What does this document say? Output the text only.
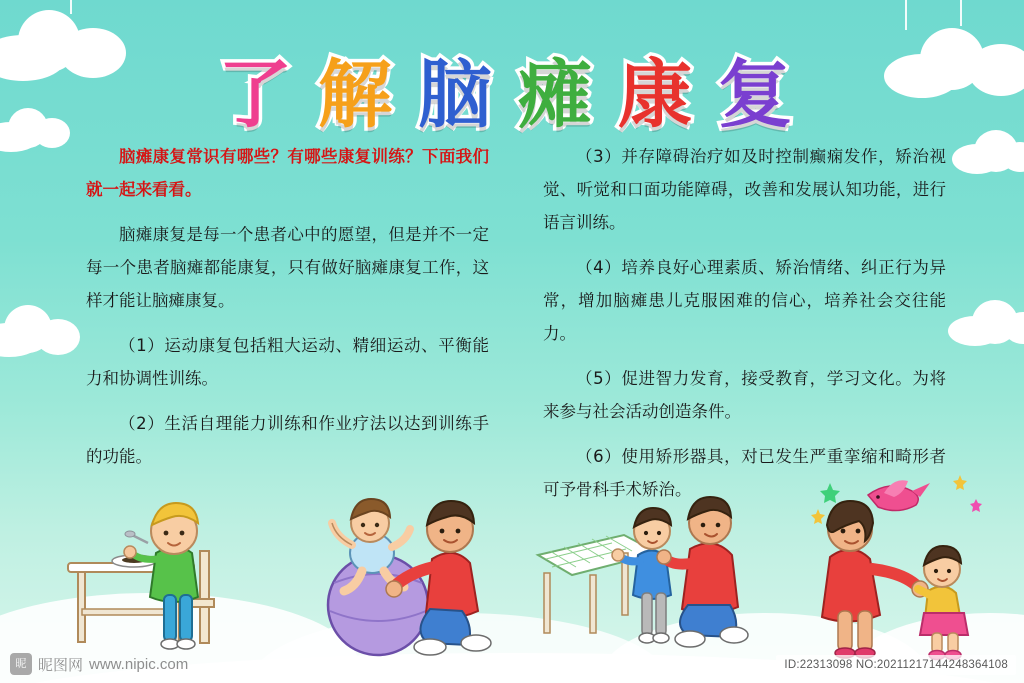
了 解 脑 瘫 康 复

脑瘫康复常识有哪些？有哪些康复训练？下面我们就一起来看看。

脑瘫康复是每一个患者心中的愿望，但是并不一定每一个患者脑瘫都能康复，只有做好脑瘫康复工作，这样才能让脑瘫康复。

（1）运动康复包括粗大运动、精细运动、平衡能力和协调性训练。

（2）生活自理能力训练和作业疗法以达到训练手的功能。

（3）并存障碍治疗如及时控制癫痫发作，矫治视觉、听觉和口面功能障碍，改善和发展认知功能，进行语言训练。

（4）培养良好心理素质、矫治情绪、纠正行为异常，增加脑瘫患儿克服困难的信心，培养社会交往能力。

（5）促进智力发育，接受教育，学习文化。为将来参与社会活动创造条件。

（6）使用矫形器具，对已发生严重挛缩和畸形者可予骨科手术矫治。

昵 昵图网 www.nipic.com	ID:22313098 NO:20211217144248364108
